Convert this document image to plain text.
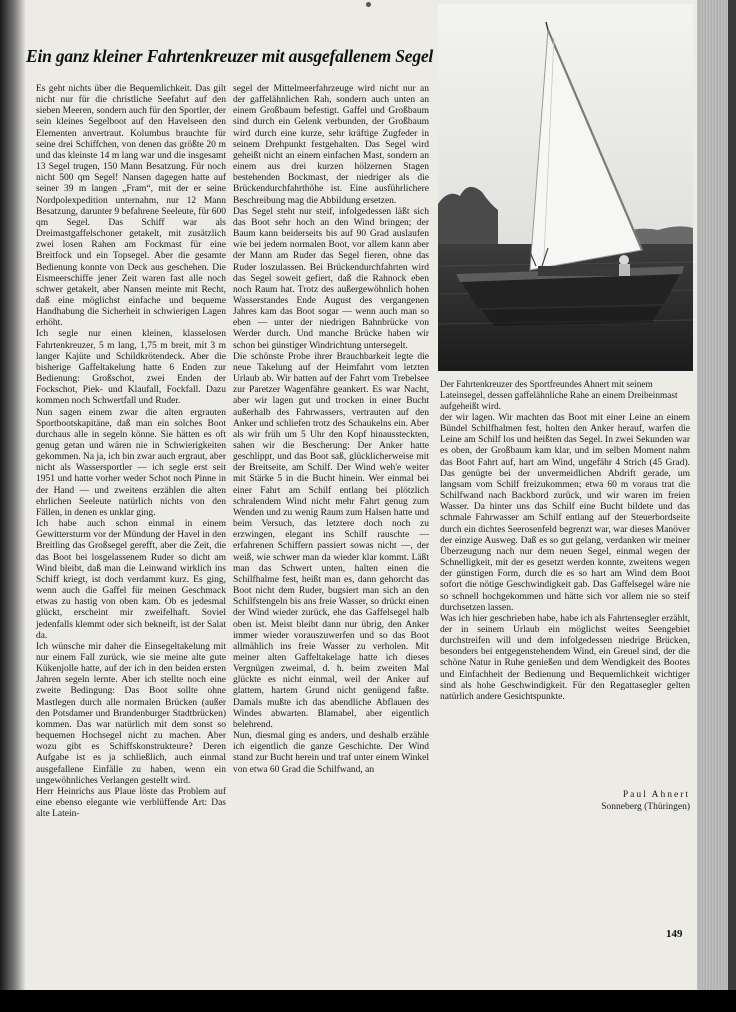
Ein ganz kleiner Fahrtenkreuzer mit ausgefallenem Segel

Es geht nichts über die Bequemlichkeit. Das gilt nicht nur für die christliche Seefahrt auf den sieben Meeren, sondern auch für den Sportler, der sein kleines Segelboot auf den Havelseen den Elementen anvertraut. Kolumbus brauchte für seine drei Schiffchen, von denen das größte 20 m und das kleinste 14 m lang war und die insgesamt 13 Segel trugen, 150 Mann Besatzung. Für noch nicht 500 qm Segel! Nansen dagegen hatte auf seiner 39 m langen „Fram“, mit der er seine Nordpolexpedition unternahm, nur 12 Mann Besatzung, darunter 9 befahrene Seeleute, für 600 qm Segel. Das Schiff war als Dreimastgaffelschoner getakelt, mit zusätzlich zwei losen Rahen am Fockmast für eine Breitfock und ein Topsegel. Aber die gesamte Bedienung konnte von Deck aus geschehen. Die Eismeerschiffe jener Zeit waren fast alle noch schwer getakelt, aber Nansen meinte mit Recht, daß eine möglichst einfache und bequeme Handhabung die Sicherheit in schwierigen Lagen erhöht.

Ich segle nur einen kleinen, klasselosen Fahrtenkreuzer, 5 m lang, 1,75 m breit, mit 3 m langer Kajüte und Schildkrötendeck. Aber die bisherige Gaffeltakelung hatte 6 Enden zur Bedienung: Großschot, zwei Enden der Fockschot, Piek- und Klaufall, Fockfall. Dazu kommen noch Schwertfall und Ruder.

Nun sagen einem zwar die alten ergrauten Sportbootskapitäne, daß man ein solches Boot durchaus alle in segeln könne. Sie hätten es oft genug getan und wären nie in Schwierigkeiten gekommen. Na ja, ich bin zwar auch ergraut, aber nicht als Wassersportler — ich segle erst seit 1951 und hatte vorher weder Schot noch Pinne in der Hand — und zweitens erzählen die alten ehrlichen Seeleute natürlich nichts von den Fällen, in denen es unklar ging.

Ich habe auch schon einmal in einem Gewittersturm vor der Mündung der Havel in den Breitling das Großsegel gerefft, aber die Zeit, die das Boot bei losgelassenem Ruder so dicht am Wind bleibt, daß man die Leinwand wirklich ins Schiff kriegt, ist doch verdammt kurz. Es ging, wenn auch die Gaffel für meinen Geschmack etwas zu hastig von oben kam. Ob es jedesmal glückt, erscheint mir zweifelhaft. Soviel jedenfalls klemmt oder sich bekneift, ist der Salat da.

Ich wünsche mir daher die Einsegeltakelung mit nur einem Fall zurück, wie sie meine alte gute Kükenjolle hatte, auf der ich in den beiden ersten Jahren segeln lernte. Aber ich stellte noch eine zweite Bedingung: Das Boot sollte ohne Mastlegen durch alle normalen Brücken (außer den Potsdamer und Brandenburger Stadtbrücken) kommen. Das war natürlich mit dem sonst so bequemen Hochsegel nicht zu machen. Aber wozu gibt es Schiffskonstrukteure? Deren Aufgabe ist es ja schließlich, auch einmal ausgefallene Einfälle zu haben, wenn ein ungewöhnliches Verlangen gestellt wird.

Herr Heinrichs aus Plaue löste das Problem auf eine ebenso elegante wie verblüffende Art: Das alte Latein-

segel der Mittelmeerfahrzeuge wird nicht nur an der gaffelähnlichen Rah, sondern auch unten an einem Großbaum befestigt. Gaffel und Großbaum sind durch ein Gelenk verbunden, der Großbaum wird durch eine kurze, sehr kräftige Zugfeder in seinem Drehpunkt festgehalten. Das Segel wird geheißt nicht an einem einfachen Mast, sondern an einem aus drei kurzen hölzernen Stagen bestehenden Bockmast, der niedriger als die Brückendurchfahrthöhe ist. Eine ausführlichere Beschreibung mag die Abbildung ersetzen.

Das Segel steht nur steif, infolgedessen läßt sich das Boot sehr hoch an den Wind bringen; der Baum kann beiderseits bis auf 90 Grad auslaufen wie bei jedem normalen Boot, vor allem kann aber der Mann am Ruder das Segel fieren, ohne das Ruder loszulassen. Bei Brückendurchfahrten wird das Segel soweit gefiert, daß die Rahnock eben noch Raum hat. Trotz des außergewöhnlich hohen Wasserstandes Ende August des vergangenen Jahres kam das Boot sogar — wenn auch man so eben — unter der niedrigen Bahnbrücke von Werder durch. Und manche Brücke haben wir schon bei günstiger Windrichtung untersegelt.

Die schönste Probe ihrer Brauchbarkeit legte die neue Takelung auf der Heimfahrt vom letzten Urlaub ab. Wir hatten auf der Fahrt vom Trebelsee zur Paretzer Wagenfähre geankert. Es war Nacht, aber wir lagen gut und trocken in einer Bucht außerhalb des Fahrwassers, vertrauten auf den Anker und schliefen trotz des Schaukelns ein. Aber als wir früh um 5 Uhr den Kopf hinaussteckten, sahen wir die Bescherung: Der Anker hatte geschlippt, und das Boot saß, glücklicherweise mit der Breitseite, am Schilf. Der Wind weh'e weiter mit Stärke 5 in die Bucht hinein. Wer einmal bei einer Fahrt am Schilf entlang bei plötzlich schralendem Wind nicht mehr Fahrt genug zum Wenden und zu wenig Raum zum Halsen hatte und beim Versuch, das letztere doch noch zu erzwingen, elegant ins Schilf rauschte — erfahrenen Schiffern passiert sowas nicht —, der weiß, wie schwer man da wieder klar kommt. Läßt man das Schwert unten, halten einen die Schilfhalme fest, heißt man es, dann gehorcht das Boot nicht dem Ruder, bugsiert man sich an den Schilfstengeln bis ans freie Wasser, so drückt einen der Wind wieder zurück, ehe das Gaffelsegel halb oben ist. Meist bleibt dann nur übrig, den Anker immer wieder vorauszuwerfen und so das Boot allmählich ins freie Wasser zu verholen. Mit meiner alten Gaffeltakelage hatte ich dieses Vergnügen zweimal, d. h. beim zweiten Mal glückte es nicht einmal, weil der Anker auf glattem, hartem Grund nicht genügend faßte. Damals mußte ich das abendliche Abflauen des Windes abwarten. Blamabel, aber eigentlich belehrend.

Nun, diesmal ging es anders, und deshalb erzähle ich eigentlich die ganze Geschichte. Der Wind stand zur Bucht herein und traf unter einem Winkel von etwa 60 Grad die Schilfwand, an

Der Fahrtenkreuzer des Sportfreundes Ahnert mit seinem Lateinsegel, dessen gaffelähnliche Rahe an einem Dreibeinmast aufgeheißt wird.

der wir lagen. Wir machten das Boot mit einer Leine an einem Bündel Schilfhalmen fest, holten den Anker herauf, warfen die Leine am Schilf los und heißten das Segel. In zwei Sekunden war es oben, der Großbaum kam klar, und im selben Moment nahm das Boot Fahrt auf, hart am Wind, ungefähr 4 Strich (45 Grad). Das genügte bei der unvermeidlichen Abdrift gerade, um langsam vom Schilf freizukommen; etwa 60 m voraus trat die Schilfwand nach Backbord zurück, und wir waren im freien Wasser. Da hinter uns das Schilf eine Bucht bildete und das schmale Fahrwasser am Schilf entlang auf der Steuerbordseite durch ein dichtes Seerosenfeld begrenzt war, war dieses Manöver der einzige Ausweg. Daß es so gut gelang, verdanken wir meiner Überzeugung nach nur dem neuen Segel, einmal wegen der Schnelligkeit, mit der es gesetzt werden konnte, zweitens wegen der günstigen Form, durch die es so hart am Wind dem Boot sofort die nötige Geschwindigkeit gab. Das Gaffelsegel wäre nie so schnell hochgekommen und hätte sich vor allem nie so steif durchsetzen lassen.

Was ich hier geschrieben habe, habe ich als Fahrtensegler erzählt, der in seinem Urlaub ein möglichst weites Seengebiet durchstreifen will und dem infolgedessen niedrige Brücken, besonders bei entgegenstehendem Wind, ein Greuel sind, der die schöne Natur in Ruhe genießen und dem Wendigkeit des Bootes und Einfachheit der Bedienung und Bequemlichkeit wichtiger sind als hohe Geschwindigkeit. Für den Regattasegler gelten natürlich andere Gesichtspunkte.

Paul Ahnert
Sonneberg (Thüringen)
149
